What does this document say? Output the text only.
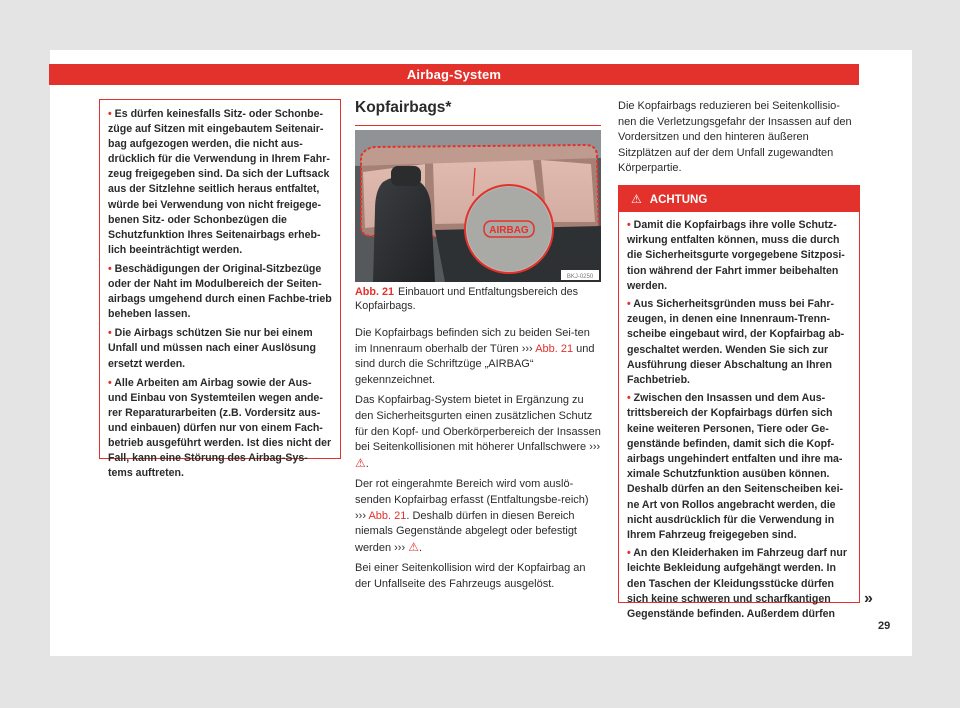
Airbag-System
• Es dürfen keinesfalls Sitz- oder Schonbe-züge auf Sitzen mit eingebautem Seitenair-bag aufgezogen werden, die nicht aus-drücklich für die Verwendung in Ihrem Fahr-zeug freigegeben sind. Da sich der Luftsack aus der Sitzlehne seitlich heraus entfaltet, würde bei Verwendung von nicht freigege-benen Sitz- oder Schonbezügen die Schutzfunktion Ihres Seitenairbags erheb-lich beeinträchtigt werden.
• Beschädigungen der Original-Sitzbezüge oder der Naht im Modulbereich der Seiten-airbags umgehend durch einen Fachbe-trieb beheben lassen.
• Die Airbags schützen Sie nur bei einem Unfall und müssen nach einer Auslösung ersetzt werden.
• Alle Arbeiten am Airbag sowie der Aus- und Einbau von Systemteilen wegen ande-rer Reparaturarbeiten (z.B. Vordersitz aus- und einbauen) dürfen nur von einem Fach-betrieb ausgeführt werden. Ist dies nicht der Fall, kann eine Störung des Airbag-Sys-tems auftreten.
Kopfairbags*
AIRBAG
BKJ-0250
Abb. 21 Einbauort und Entfaltungsbereich des Kopfairbags.

Die Kopfairbags befinden sich zu beiden Sei-ten im Innenraum oberhalb der Türen ››› Abb. 21 und sind durch die Schriftzüge „AIRBAG“ gekennzeichnet.

Das Kopfairbag-System bietet in Ergänzung zu den Sicherheitsgurten einen zusätzlichen Schutz für den Kopf- und Oberkörperbereich der Insassen bei Seitenkollisionen mit höherer Unfallschwere ››› ⚠.

Der rot eingerahmte Bereich wird vom auslö-senden Kopfairbag erfasst (Entfaltungsbe-reich) ››› Abb. 21. Deshalb dürfen in diesen Bereich niemals Gegenstände abgelegt oder befestigt werden ››› ⚠.

Bei einer Seitenkollision wird der Kopfairbag an der Unfallseite des Fahrzeugs ausgelöst.

Die Kopfairbags reduzieren bei Seitenkollisio-nen die Verletzungsgefahr der Insassen auf den Vordersitzen und den hinteren äußeren Sitzplätzen auf der dem Unfall zugewandten Körperpartie.
⚠ ACHTUNG
• Damit die Kopfairbags ihre volle Schutz-wirkung entfalten können, muss die durch die Sicherheitsgurte vorgegebene Sitzposi-tion während der Fahrt immer beibehalten werden.
• Aus Sicherheitsgründen muss bei Fahr-zeugen, in denen eine Innenraum-Trenn-scheibe eingebaut wird, der Kopfairbag ab-geschaltet werden. Wenden Sie sich zur Ausführung dieser Abschaltung an Ihren Fachbetrieb.
• Zwischen den Insassen und dem Aus-trittsbereich der Kopfairbags dürfen sich keine weiteren Personen, Tiere oder Ge-genstände befinden, damit sich die Kopf-airbags ungehindert entfalten und ihre ma-ximale Schutzfunktion ausüben können. Deshalb dürfen an den Seitenscheiben kei-ne Art von Rollos angebracht werden, die nicht ausdrücklich für die Verwendung in Ihrem Fahrzeug freigegeben sind.
• An den Kleiderhaken im Fahrzeug darf nur leichte Bekleidung aufgehängt werden. In den Taschen der Kleidungsstücke dürfen sich keine schweren und scharfkantigen Gegenstände befinden. Außerdem dürfen
»
29
